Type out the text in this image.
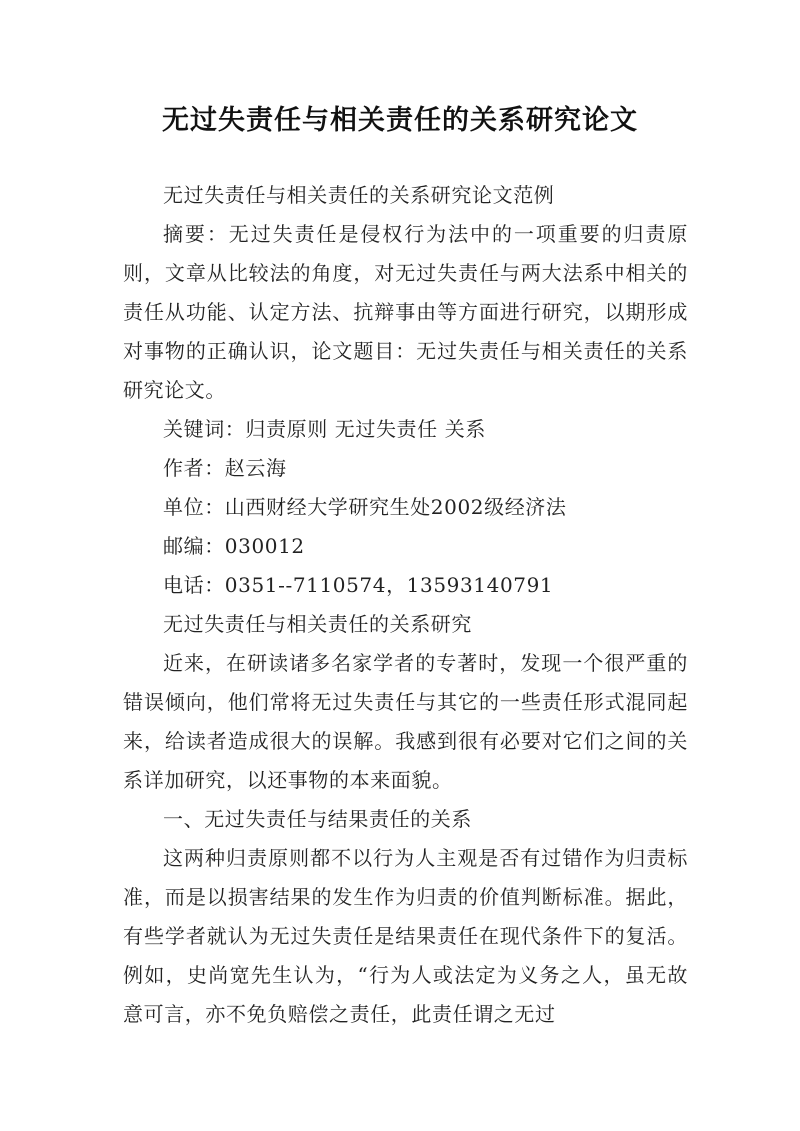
无过失责任与相关责任的关系研究论文

无过失责任与相关责任的关系研究论文范例

摘要：无过失责任是侵权行为法中的一项重要的归责原则，文章从比较法的角度，对无过失责任与两大法系中相关的责任从功能、认定方法、抗辩事由等方面进行研究，以期形成对事物的正确认识，论文题目：无过失责任与相关责任的关系研究论文。

关键词：归责原则 无过失责任 关系

作者：赵云海

单位：山西财经大学研究生处2002级经济法

邮编：030012

电话：0351--7110574，13593140791

无过失责任与相关责任的关系研究

近来，在研读诸多名家学者的专著时，发现一个很严重的错误倾向，他们常将无过失责任与其它的一些责任形式混同起来，给读者造成很大的误解。我感到很有必要对它们之间的关系详加研究，以还事物的本来面貌。

一、无过失责任与结果责任的关系

这两种归责原则都不以行为人主观是否有过错作为归责标准，而是以损害结果的发生作为归责的价值判断标准。据此，有些学者就认为无过失责任是结果责任在现代条件下的复活。例如，史尚宽先生认为，“行为人或法定为义务之人，虽无故意可言，亦不免负赔偿之责任，此责任谓之无过
